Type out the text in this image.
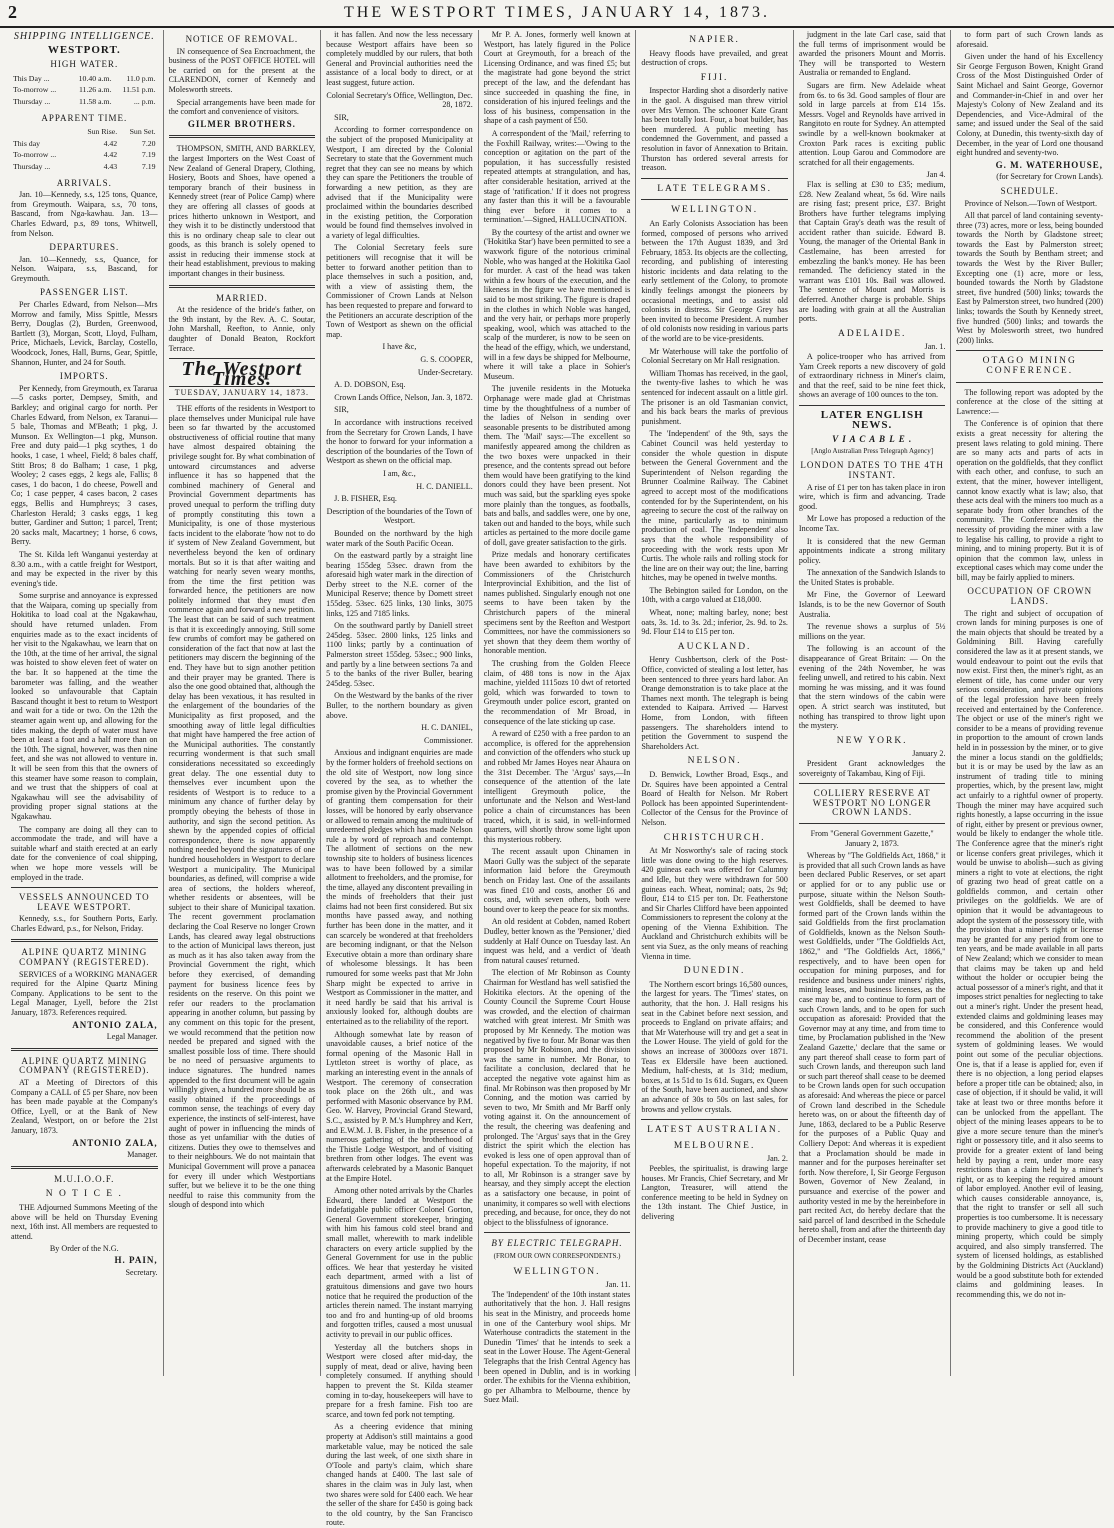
2	THE WESTPORT TIMES, JANUARY 14, 1873.
SHIPPING INTELLIGENCE.
WESTPORT.
HIGH WATER.
This Day ...	10.40 a.m.	11.0 p.m.
To-morrow ...	11.26 a.m.	11.51 p.m.
Thursday ...	11.58 a.m.	... p.m.
APPARENT TIME.
	Sun Rise.	Sun Set.
This day	4.42	7.20
To-morrow ...	4.42	7.19
Thursday ...	4.43	7.19
ARRIVALS.

Jan. 10—Kennedy, s.s, 125 tons, Quance, from Greymouth. Waipara, s.s, 70 tons, Bascand, from Nga-kawhau. Jan. 13—Charles Edward, p.s, 89 tons, Whitwell, from Nelson.

DEPARTURES.

Jan. 10—Kennedy, s.s, Quance, for Nelson. Waipara, s.s, Bascand, for Greymouth.

PASSENGER LIST.

Per Charles Edward, from Nelson—Mrs Morrow and family, Miss Spittle, Messrs Berry, Douglas (2), Burden, Greenwood, Bartlett (3), Morgan, Scott, Lloyd, Fulham, Price, Michaels, Levick, Barclay, Costello, Woodcock, Jones, Hall, Burns, Gear, Spittle, Shannon, Hunter, and 24 for South.

IMPORTS.

Per Kennedy, from Greymouth, ex Tararua—5 casks porter, Dempsey, Smith, and Barkley; and original cargo for north. Per Charles Edward, from Nelson, ex Taranui—5 bale, Thomas and M'Beath; 1 pkg, J. Munson. Ex Wellington—1 pkg, Munson. Free and duty paid—1 pkg scythes, 1 do hooks, 1 case, 1 wheel, Field; 8 bales chaff, Stitt Bros; 8 do Balham; 1 case, 1 pkg, Wooley; 2 cases eggs, 2 kegs ale, Fallis; 8 cases, 1 do bacon, 1 do cheese, Powell and Co; 1 case pepper, 4 cases bacon, 2 cases eggs, Bellis and Humphreys; 3 cases, Charleston Herald; 3 casks eggs, 1 keg butter, Gardiner and Sutton; 1 parcel, Trent; 20 sacks malt, Macartney; 1 horse, 6 cows, Berry.

The St. Kilda left Wanganui yesterday at 8.30 a.m., with a cattle freight for Westport, and may be expected in the river by this evening's tide.

Some surprise and annoyance is expressed that the Waipara, coming up specially from Hokitika to load coal at the Ngakawhau, should have returned unladen. From enquiries made as to the exact incidents of her visit to the Ngakawhau, we learn that on the 10th, at the time of her arrival, the signal was hoisted to show eleven feet of water on the bar. It so happened at the time the barometer was falling, and the weather looked so unfavourable that Captain Bascand thought it best to return to Westport and wait for a tide or two. On the 12th the steamer again went up, and allowing for the tides making, the depth of water must have been at least a foot and a half more than on the 10th. The signal, however, was then nine feet, and she was not allowed to venture in. It will be seen from this that the owners of this steamer have some reason to complain, and we trust that the shippers of coal at Ngakawhau will see the advisability of providing proper signal stations at the Ngakawhau.

The company are doing all they can to accommodate the trade, and will have a suitable wharf and staith erected at an early date for the convenience of coal shipping, when we hope more vessels will be employed in the trade.

VESSELS ANNOUNCED TO LEAVE WESTPORT.

Kennedy, s.s., for Southern Ports, Early. Charles Edward, p.s., for Nelson, Friday.

ALPINE QUARTZ MINING COMPANY (REGISTERED).

SERVICES of a WORKING MANAGER required for the Alpine Quartz Mining Company. Applications to be sent to the Legal Manager, Lyell, before the 21st January, 1873. References required.

ANTONIO ZALA,
Legal Manager.
ALPINE QUARTZ MINING COMPANY (REGISTERED).

AT a Meeting of Directors of this Company a CALL of £5 per Share, nov been has been made payable at the Company's Office, Lyell, or at the Bank of New Zealand, Westport, on or before the 21st January, 1873.

ANTONIO ZALA,
Manager.
M.U.I.O.O.F.
N O T I C E .

THE Adjourned Summons Meeting of the above will be held on Thursday Evening next, 16th inst. All members are requested to attend.

By Order of the N.G.
H. PAIN,
Secretary.
NOTICE OF REMOVAL.

IN consequence of Sea Encroachment, the business of the POST OFFICE HOTEL will be carried on for the present at the CLARENDON, corner of Kennedy and Molesworth streets.

Special arrangements have been made for the comfort and convenience of visitors.

GILMER BROTHERS.

THOMPSON, SMITH, AND BARKLEY, the largest Importers on the West Coast of New Zealand of General Drapery, Clothing, Hosiery, Boots and Shoes, have opened a temporary branch of their business in Kennedy street (rear of Police Camp) where they are offering all classes of goods at prices hitherto unknown in Westport, and they wish it to be distinctly understood that this is no ordinary cheap sale to clear out goods, as this branch is solely opened to assist in reducing their immense stock at their head establishment, previous to making important changes in their business.

MARRIED.

At the residence of the bride's father, on the 9th instant, by the Rev. A. C. Soutar, John Marshall, Reefton, to Annie, only daughter of Donald Beaton, Rockfort Terrace.

The Westport Times.
TUESDAY, JANUARY 14, 1873.

THE efforts of the residents in Westport to place themselves under Municipal rule have been so far thwarted by the accustomed obstructiveness of official routine that many have almost despaired obtaining the privilege sought for. By what combination of untoward circumstances and adverse influence it has so happened that the combined machinery of General and Provincial Government departments has proved unequal to perform the trifling duty of promptly constituting this town a Municipality, is one of those mysterious facts incident to the elaborate 'how not to do it' system of New Zealand Government, but nevertheless beyond the ken of ordinary mortals. But so it is that after waiting and watching for nearly seven weary months, from the time the first petition was forwarded hence, the petitioners are now politely informed that they must d'en commence again and forward a new petition. The least that can be said of such treatment is that it is exceedingly annoying. Still some few crumbs of comfort may be gathered on consideration of the fact that now at last the petitioners may discern the beginning of the end. They have but to sign another petition and their prayer may be granted. There is also the one good obtained that, although the delay has been vexatious, it has resulted in the enlargement of the boundaries of the Municipality as first proposed, and the smoothing away of little legal difficulties that might have hampered the free action of the Municipal authorities. The constantly recurring wonderment is that such small considerations necessitated so exceedingly great delay. The one essential duty to themselves ever incumbent upon the residents of Westport is to reduce to a minimum any chance of further delay by promptly obeying the behests of those in authority, and sign the second petition. As shewn by the appended copies of official correspondence, there is now apparently nothing needed beyond the signatures of one hundred householders in Westport to declare Westport a municipality. The Municipal boundaries, as defined, will comprise a wide area of sections, the holders whereof, whether residents or absentees, will be subject to their share of Municipal taxation. The recent government proclamation declaring the Coal Reserve no longer Crown Lands, has cleared away legal obstructions to the action of Municipal laws thereon, just as much as it has also taken away from the Provincial Government the right, which before they exercised, of demanding payment for business licence fees by residents on the reserve. On this point we refer our readers to the proclamation appearing in another column, but passing by any comment on this topic for the present, we would recommend that the petition now needed be prepared and signed with the smallest possible loss of time. There should be no need of persuasive arguments to induce signatures. The hundred names appended to the first document will be again willingly given, a hundred more should be as easily obtained if the proceedings of common sense, the teachings of every day experience, the instincts of self-interest, have aught of power in influencing the minds of those as yet unfamiliar with the duties of citizens. Duties they owe to themselves and to their neighbours. We do not maintain that Municipal Government will prove a panacea for every ill under which Westportians suffer, but we believe it to be the one thing needful to raise this community from the slough of despond into which

it has fallen. And now the less necessary because Westport affairs have been so completely muddled by our rulers, that both General and Provincial authorities need the assistance of a local body to direct, or at least suggest, future action.

Colonial Secretary's Office, Wellington, Dec. 28, 1872.

SIR,

According to former correspondence on the subject of the proposed Municipality at Westport, I am directed by the Colonial Secretary to state that the Government much regret that they can see no means by which they can spare the Petitioners the trouble of forwarding a new petition, as they are advised that if the Municipality were proclaimed within the boundaries described in the existing petition, the Corporation would be found find themselves involved in a variety of legal difficulties.

The Colonial Secretary feels sure petitioners will recognise that it will be better to forward another petition than to place themselves in such a position, and, with a view of assisting them, the Commissioner of Crown Lands at Nelson has been requested to prepare and forward to the Petitioners an accurate description of the Town of Westport as shewn on the official map.

I have &c,

G. S. COOPER,

Under-Secretary.

A. D. DOBSON, Esq.

Crown Lands Office, Nelson, Jan. 3, 1872.

SIR,

In accordance with instructions received from the Secretary for Crown Lands, I have the honor to forward for your information a description of the boundaries of the Town of Westport as shewn on the official map.

I am, &c.,

H. C. DANIELL.

J. B. FISHER, Esq.

Description of the boundaries of the Town of Westport.

Bounded on the northward by the high water mark of the South Pacific Ocean.

On the eastward partly by a straight line bearing 155deg 53sec. drawn from the aforesaid high water mark in the direction of Derby street to the N.E. corner of the Municipal Reserve; thence by Domett street 155deg. 53sec. 625 links, 130 links, 3075 links, 125 and 7185 links.

On the southward partly by Daniell street 245deg. 53sec. 2800 links, 125 links and 1100 links; partly by a continuation of Palmerston street 155deg. 53sec.; 900 links, and partly by a line between sections 7a and 5 to the banks of the river Buller, bearing 245deg. 53sec.

On the Westward by the banks of the river Buller, to the northern boundary as given above.

H. C. DANIEL,

Commissioner.

Anxious and indignant enquiries are made by the former holders of freehold sections on the old site of Westport, now long since covered by the sea, as to whether the promise given by the Provincial Government of granting them compensation for their losses, will be honored by early observance or allowed to remain among the multitude of unredeemed pledges which has made Nelson rule a by word of reproach and contempt. The allotment of sections on the new township site to holders of business licences was to have been followed by a similar allotment to freeholders, and the promise, for the time, allayed any discontent prevailing in the minds of freeholders that their just claims had not been first considered. But six months have passed away, and nothing further has been done in the matter, and it can scarcely be wondered at that freeholders are becoming indignant, or that the Nelson Executive obtain a more than ordinary share of wholesome blessings. It has been rumoured for some weeks past that Mr John Sharp might be expected to arrive in Westport as Commissioner in the matter, and it need hardly be said that his arrival is anxiously looked for, although doubts are entertained as to the reliability of the report.

Although somewhat late by reason of unavoidable causes, a brief notice of the formal opening of the Masonic Hall in Lyttleton street is worthy of place, as marking an interesting event in the annals of Westport. The ceremony of consecration took place on the 26th ult., and was performed with Masonic observance by P.M. Geo. W. Harvey, Provincial Grand Steward, S.C., assisted by P. M.'s Humphrey and Kerr, and E.W.M. J. B. Fisher, in the presence of a numerous gathering of the brotherhood of the Thistle Lodge Westport, and of visiting brethren from other lodges. The event was afterwards celebrated by a Masonic Banquet at the Empire Hotel.

Among other noted arrivals by the Charles Edward, there landed at Westport the indefatigable public officer Colonel Gorton, General Government storekeeper, bringing with him his famous cold steel brand and small mallet, wherewith to mark indelible characters on every article supplied by the General Government for use in the public offices. We hear that yesterday he visited each department, armed with a list of gratuitous dimensions and gave two hours notice that he required the production of the articles therein named. The instant marrying too and fro and hunting-up of old brooms and forgotten trifles, caused a most unusual activity to prevail in our public offices.

Yesterday all the butchers shops in Westport were closed after mid-day, the supply of meat, dead or alive, having been completely consumed. If anything should happen to prevent the St. Kilda steamer coming in to-day, housekeepers will have to prepare for a fresh famine. Fish too are scarce, and town fed pork not tempting.

As a cheering evidence that mining property at Addison's still maintains a good marketable value, may be noticed the sale during the last week, of one sixth share in O'Toole and party's claim, which share changed hands at £400. The last sale of shares in the claim was in July last, when two shares were sold for £400 each. We hear the seller of the share for £450 is going back to the old country, by the San Francisco route.

Mr P. A. Jones, formerly well known at Westport, has lately figured in the Police Court at Greymouth, for a breach of the Licensing Ordinance, and was fined £5; but the magistrate had gone beyond the strict precept of the law, and the defendant has since succeeded in quashing the fine, in consideration of his injured feelings and the loss of his business, compensation in the shape of a cash payment of £50.

A correspondent of the 'Mail,' referring to the Foxhill Railway, writes:—'Owing to the conception or agitation on the part of the population, it has successfully resisted repeated attempts at strangulation, and has, after considerable hesitation, arrived at the stage of 'ratification.' If it does not progress any faster than this it will be a favourable thing ever before it comes to a termination.'—Signed, HALLUCINATION.

By the courtesy of the artist and owner we ('Hokitika Star') have been permitted to see a waxwork figure of the notorious criminal Noble, who was hanged at the Hokitika Gaol for murder. A cast of the head was taken within a few hours of the execution, and the likeness in the figure we have mentioned is said to be most striking. The figure is draped in the clothes in which Noble was hanged, and the very hair, or perhaps more properly speaking, wool, which was attached to the scalp of the murderer, is now to be seen on the head of the effigy, which, we understand, will in a few days be shipped for Melbourne, where it will take a place in Sohier's Museum.

The juvenile residents in the Motueka Orphanage were made glad at Christmas time by the thoughtfulness of a number of the ladies of Nelson in sending over seasonable presents to be distributed among them. The 'Mail' says:—The excellent so manifestly appeared among the children as the two boxes were unpacked in their presence, and the contents spread out before them would have been gratifying to the kind donors could they have been present. Not much was said, but the sparkling eyes spoke more plainly than the tongues, as footballs, bats and balls, and saddles were, one by one, taken out and handed to the boys, while such articles as pertained to the more docile game of doll, gave greater satisfaction to the girls.

Prize medals and honorary certificates have been awarded to exhibitors by the Commissioners of the Christchurch Interprovincial Exhibition, and the list of names published. Singularly enough not one seems to have been taken by the Christchurch papers of the mineral specimens sent by the Reefton and Westport Committees, nor have the commissioners so yet shown that they deem them worthy of honorable mention.

The crushing from the Golden Fleece claim, of 488 tons is now in the Ajax machine, yielded 1115ozs 10 dwt of retorted gold, which was forwarded to town to Greymouth under police escort, granted on the recommendation of Mr Broad, in consequence of the late sticking up case.

A reward of £250 with a free pardon to an accomplice, is offered for the apprehension and conviction of the offenders who stuck up and robbed Mr James Hoyes near Ahaura on the 31st December. The 'Argus' says,—In consequence of the attention of the late intelligent Greymouth police, the unfortunate and the Nelson and West-land police a chain of circumstances has been traced, which, it is said, in well-informed quarters, will shortly throw some light upon this mysterious robbery.

The recent assault upon Chinamen in Maori Gully was the subject of the separate information laid before the Greymouth bench on Friday last. One of the assailants was fined £10 and costs, another £6 and costs, and, with seven others, both were bound over to keep the peace for six months.

An old resident at Cobden, named Robert Dudley, better known as the 'Pensioner,' died suddenly at Half Ounce on Tuesday last. An inquest was held, and a verdict of 'death from natural causes' returned.

The election of Mr Robinson as County Chairman for Westland has well satisfied the Hokitika electors. At the opening of the County Council the Supreme Court House was crowded, and the election of chairman watched with great interest. Mr Smith was proposed by Mr Kennedy. The motion was negatived by five to four. Mr Bonar was then proposed by Mr Robinson, and the division was the same in number. Mr Bonar, to facilitate a conclusion, declared that he accepted the negative vote against him as final. Mr Robinson was then proposed by Mr Conning, and the motion was carried by seven to two, Mr Smith and Mr Barff only voting against it. On the announcement of the result, the cheering was deafening and prolonged. The 'Argus' says that in the Grey district the spirit which the election has evoked is less one of open approval than of hopeful expectation. To the majority, if not to all, Mr Robinson is a stranger save by hearsay, and they simply accept the election as a satisfactory one because, in point of unanimity, it compares so well with elections preceding, and because, for once, they do not object to the blissfulness of ignorance.

BY ELECTRIC TELEGRAPH.
(FROM OUR OWN CORRESPONDENTS.)
WELLINGTON.
Jan. 11.

The 'Independent' of the 10th instant states authoritatively that the hon. J. Hall resigns his seat in the Ministry, and proceeds home in one of the Canterbury wool ships. Mr Waterhouse contradicts the statement in the Dunedin 'Times' that he intends to seek a seat in the Lower House. The Agent-General Telegraphs that the Irish Central Agency has been opened in Dublin, and is in working order. The exhibits for the Vienna exhibition, go per Alhambra to Melbourne, thence by Suez Mail.

NAPIER.

Heavy floods have prevailed, and great destruction of crops.

FIJI.

Inspector Harding shot a disorderly native in the gaol. A disguised man threw vitriol over Mrs Vernon. The schooner Kate Grant has been totally lost. Four, a boat builder, has been murdered. A public meeting has condemned the Government, and passed a resolution in favor of Annexation to Britain. Thurston has ordered several arrests for treason.

LATE TELEGRAMS.
WELLINGTON.

An Early Colonists Association has been formed, composed of persons who arrived between the 17th August 1839, and 3rd February, 1853. Its objects are the collecting, recording, and publishing of interesting historic incidents and data relating to the early settlement of the Colony, to promote kindly feelings amongst the pioneers by occasional meetings, and to assist old colonists in distress. Sir George Grey has been invited to become President. A number of old colonists now residing in various parts of the world are to be vice-presidents.

Mr Waterhouse will take the portfolio of Colonial Secretary on Mr Hall resignation.

William Thomas has received, in the gaol, the twenty-five lashes to which he was sentenced for indecent assault on a little girl. The prisoner is an old Tasmanian convict, and his back bears the marks of previous punishment.

The 'Independent' of the 9th, says the Cabinet Council was held yesterday to consider the whole question in dispute between the General Government and the Superintendent of Nelson regarding the Brunner Coalmine Railway. The Cabinet agreed to accept most of the modifications contended for by the Superintendent, on his agreeing to secure the cost of the railway on the mine, particularly as to minimum production of coal. The 'Independent' also says that the whole responsibility of proceeding with the work rests upon Mr Curtis. The whole rails and rolling stock for the line are on their way out; the line, barring hitches, may be opened in twelve months.

The Bebington sailed for London, on the 10th, with a cargo valued at £18,000.

Wheat, none; malting barley, none; best oats, 3s. 1d. to 3s. 2d.; inferior, 2s. 9d. to 2s. 9d. Flour £14 to £15 per ton.

AUCKLAND.

Henry Cushbertson, clerk of the Post-Office, convicted of stealing a lost letter, has been sentenced to three years hard labor. An Orange demonstration is to take place at the Thames next month. The telegraph is being extended to Kaipara. Arrived — Harvest Home, from London, with fifteen passengers. The shareholders intend to petition the Government to suspend the Shareholders Act.

NELSON.

D. Benwick, Lowther Broad, Esqs., and Dr. Squires have been appointed a Central Board of Health for Nelson. Mr Robert Pollock has been appointed Superintendent-Collector of the Census for the Province of Nelson.

CHRISTCHURCH.

At Mr Nosworthy's sale of racing stock little was done owing to the high reserves. 420 guineas each was offered for Calumny and Idle, but they were withdrawn for 500 guineas each. Wheat, nominal; oats, 2s 9d; flour, £14 to £15 per ton. Dr. Featherstone and Sir Charles Clifford have been appointed Commissioners to represent the colony at the opening of the Vienna Exhibition. The Auckland and Christchurch exhibits will be sent via Suez, as the only means of reaching Vienna in time.

DUNEDIN.

The Northern escort brings 16,580 ounces, the largest for years. The 'Times' states, on authority, that the hon. J. Hall resigns his seat in the Cabinet before next session, and proceeds to England on private affairs; and that Mr Waterhouse will try and get a seat in the Lower House. The yield of gold for the shows an increase of 3000ozs over 1871. Teas ex Eldersile have been auctioned. Medium, half-chests, at 1s 31d; medium, boxes, at 1s 51d to 1s 61d. Sugars, ex Queen of the South, have been auctioned, and show an advance of 30s to 50s on last sales, for browns and yellow crystals.

LATEST AUSTRALIAN.
MELBOURNE.
Jan. 2.

Peebles, the spiritualist, is drawing large houses. Mr Francis, Chief Secretary, and Mr Langton, Treasurer, will attend the conference meeting to be held in Sydney on the 13th instant. The Chief Justice, in delivering

judgment in the late Carl case, said that the full terms of imprisonment would be awarded the prisoners Mount and Morris. They will be transported to Western Australia or remanded to England.

Sugars are firm. New Adelaide wheat from 6s. to 6s 3d. Good samples of flour are sold in large parcels at from £14 15s. Messrs. Vogel and Reynolds have arrived in Rangitoto en route for Sydney. An attempted swindle by a well-known bookmaker at Croxton Park races is exciting public attention. Loup Garou and Commodore are scratched for all their engagements.

Jan 4.

Flax is selling at £30 to £35; medium, £28. New Zealand wheat, 5s 6d. Wire nails are rising fast; present price, £37. Bright Brothers have further telegrams implying that Captain Gray's death was the result of accident rather than suicide. Edward B. Young, the manager of the Oriental Bank in Castlemaine, has been arrested for embezzling the bank's money. He has been remanded. The deficiency stated in the warrant was £101 10s. Bail was allowed. The sentence of Mount and Morris is deferred. Another charge is probable. Ships are loading with grain at all the Australian ports.

ADELAIDE.
Jan. 1.

A police-trooper who has arrived from Yam Creek reports a new discovery of gold of extraordinary richness in Miner's claim, and that the reef, said to be nine feet thick, shows an average of 100 ounces to the ton.

LATER ENGLISH NEWS.
V I A C A B L E .
[Anglo Australian Press Telegraph Agency]
LONDON DATES TO THE 4TH INSTANT.

A rise of £1 per ton has taken place in iron wire, which is firm and advancing. Trade good.

Mr Lowe has proposed a reduction of the Income Tax.

It is considered that the new German appointments indicate a strong military policy.

The annexation of the Sandwich Islands to the United States is probable.

Mr Fine, the Governor of Leeward Islands, is to be the new Governor of South Australia.

The revenue shows a surplus of 5½ millions on the year.

The following is an account of the disappearance of Great Britain: — On the evening of the 24th November, he was feeling unwell, and retired to his cabin. Next morning he was missing, and it was found that the stern windows of the cabin were open. A strict search was instituted, but nothing has transpired to throw light upon the mystery.

NEW YORK.
January 2.

President Grant acknowledges the sovereignty of Takambau, King of Fiji.

COLLIERY RESERVE AT WESTPORT NO LONGER CROWN LANDS.

From "General Government Gazette," January 2, 1873.

Whereas by "The Goldfields Act, 1868," it is provided that all such Crown lands as have been declared Public Reserves, or set apart or applied for or to any public use or purpose, situate within the Nelson South-west Goldfields, shall be deemed to have formed part of the Crown lands within the said Goldfields from the first proclamation of Goldfields, known as the Nelson South-west Goldfields, under "The Goldfields Act, 1862," and "The Goldfields Act, 1866," respectively, and to have been open for occupation for mining purposes, and for residence and business under miners' rights, mining leases, and business licenses, as the case may be, and to continue to form part of such Crown lands, and to be open for such occupation as aforesaid: Provided that the Governor may at any time, and from time to time, by Proclamation published in the 'New Zealand Gazette,' declare that the same or any part thereof shall cease to form part of such Crown lands, and thereupon such land or such part thereof shall cease to be deemed to be Crown lands open for such occupation as aforesaid: And whereas the piece or parcel of Crown land described in the Schedule hereto was, on or about the fifteenth day of June, 1863, declared to be a Public Reserve for the purposes of a Public Quay and Colliery Depot: And whereas it is expedient that a Proclamation should be made in manner and for the purposes hereinafter set forth. Now therefore, I, Sir George Ferguson Bowen, Governor of New Zealand, in pursuance and exercise of the power and authority vested in me by the hereinbefore in part recited Act, do hereby declare that the said parcel of land described in the Schedule hereto shall, from and after the thirteenth day of December instant, cease

to form part of such Crown lands as aforesaid.

Given under the hand of his Excellency Sir George Ferguson Bowen, Knight Grand Cross of the Most Distinguished Order of Saint Michael and Saint George, Governor and Commander-in-Chief in and over her Majesty's Colony of New Zealand and its Dependencies, and Vice-Admiral of the same; and issued under the Seal of the said Colony, at Dunedin, this twenty-sixth day of December, in the year of Lord one thousand eight hundred and seventy-two.

G. M. WATERHOUSE,
(for Secretary for Crown Lands).
SCHEDULE.

Province of Nelson.—Town of Westport.

All that parcel of land containing seventy-three (73) acres, more or less, being bounded towards the North by Gladstone street; towards the East by Palmerston street; towards the South by Bentham street; and towards the West by the River Buller; Excepting one (1) acre, more or less, bounded towards the North by Gladstone street, five hundred (500) links; towards the East by Palmerston street, two hundred (200) links; towards the South by Kennedy street, five hundred (500) links; and towards the West by Molesworth street, two hundred (200) links.

OTAGO MINING CONFERENCE.

The following report was adopted by the conference at the close of the sitting at Lawrence:—

The Conference is of opinion that there exists a great necessity for altering the present laws relating to gold mining. There are so many acts and parts of acts in operation on the goldfields, that they conflict with each other, and confuse, to such an extent, that the miner, however intelligent, cannot know exactly what is law; also, that these acts deal with the miners too much as a separate body from other branches of the community. The Conference admits the necessity of providing the miner with a law to legalise his calling, to provide a right to mining, and to mining property. But it is of opinion that the common law, unless in exceptional cases which may come under the bill, may be fairly applied to miners.

OCCUPATION OF CROWN LANDS.

The right and subject of occupation of crown lands for mining purposes is one of the main objects that should be treated by a Goldmining Bill. Having carefully considered the law as it at present stands, we would endeavour to point out the evils that now exist. First then, the miner's right, as an element of title, has come under our very serious consideration, and private opinions of the legal profession have been freely received and entertained by the Conference. The object or use of the miner's right we consider to be a means of providing revenue in proportion to the amount of crown lands held in in possession by the miner, or to give the miner a locus standi on the goldfields; but it is or may be used by the law as an instrument of trading title to mining properties, which, by the present law, might act unfairly to a rightful owner of property. Though the miner may have acquired such rights honestly, a lapse occurring in the issue of right, either by present or previous owner, would be likely to endanger the whole title. The Conference agree that the miner's right or license confers great privileges, which it would be unwise to abolish—such as giving miners a right to vote at elections, the right of grazing two head of great cattle on a goldfields common, and certain other privileges on the goldfields. We are of opinion that it would be advantageous to adopt the system of the possessory title, with the provision that a miner's right or license may be granted for any period from one to ten years, and be made available in all parts of New Zealand; which we consider to mean that claims may be taken up and held without the holder or occupier being the actual possessor of a miner's right, and that it imposes strict penalties for neglecting to take out a miner's right. Under the present head, extended claims and goldmining leases may be considered, and this Conference would recommend the abolition of the present system of goldmining leases. We would point out some of the peculiar objections. One is, that if a lease is applied for, even if there is no objection, a long period elapses before a proper title can be obtained; also, in case of objection, if it should be valid, it will take at least two or three months before it can be unlocked from the appellant. The object of the mining leases appears to be to give a more secure tenure than the miner's right or possessory title, and it also seems to provide for a greater extent of land being held by paying a rent, under more easy restrictions than a claim held by a miner's right, or as to keeping the required amount of labor employed. Another evil of leasing, which causes considerable annoyance, is, that the right to transfer or sell all such properties is too cumbersome. It is necessary to provide machinery to give a good title to mining property, which could be simply acquired, and also simply transferred. The system of licensed holdings, as established by the Goldmining Districts Act (Auckland) would be a good substitute both for extended claims and goldmining leases. In recommending this, we do not in-
